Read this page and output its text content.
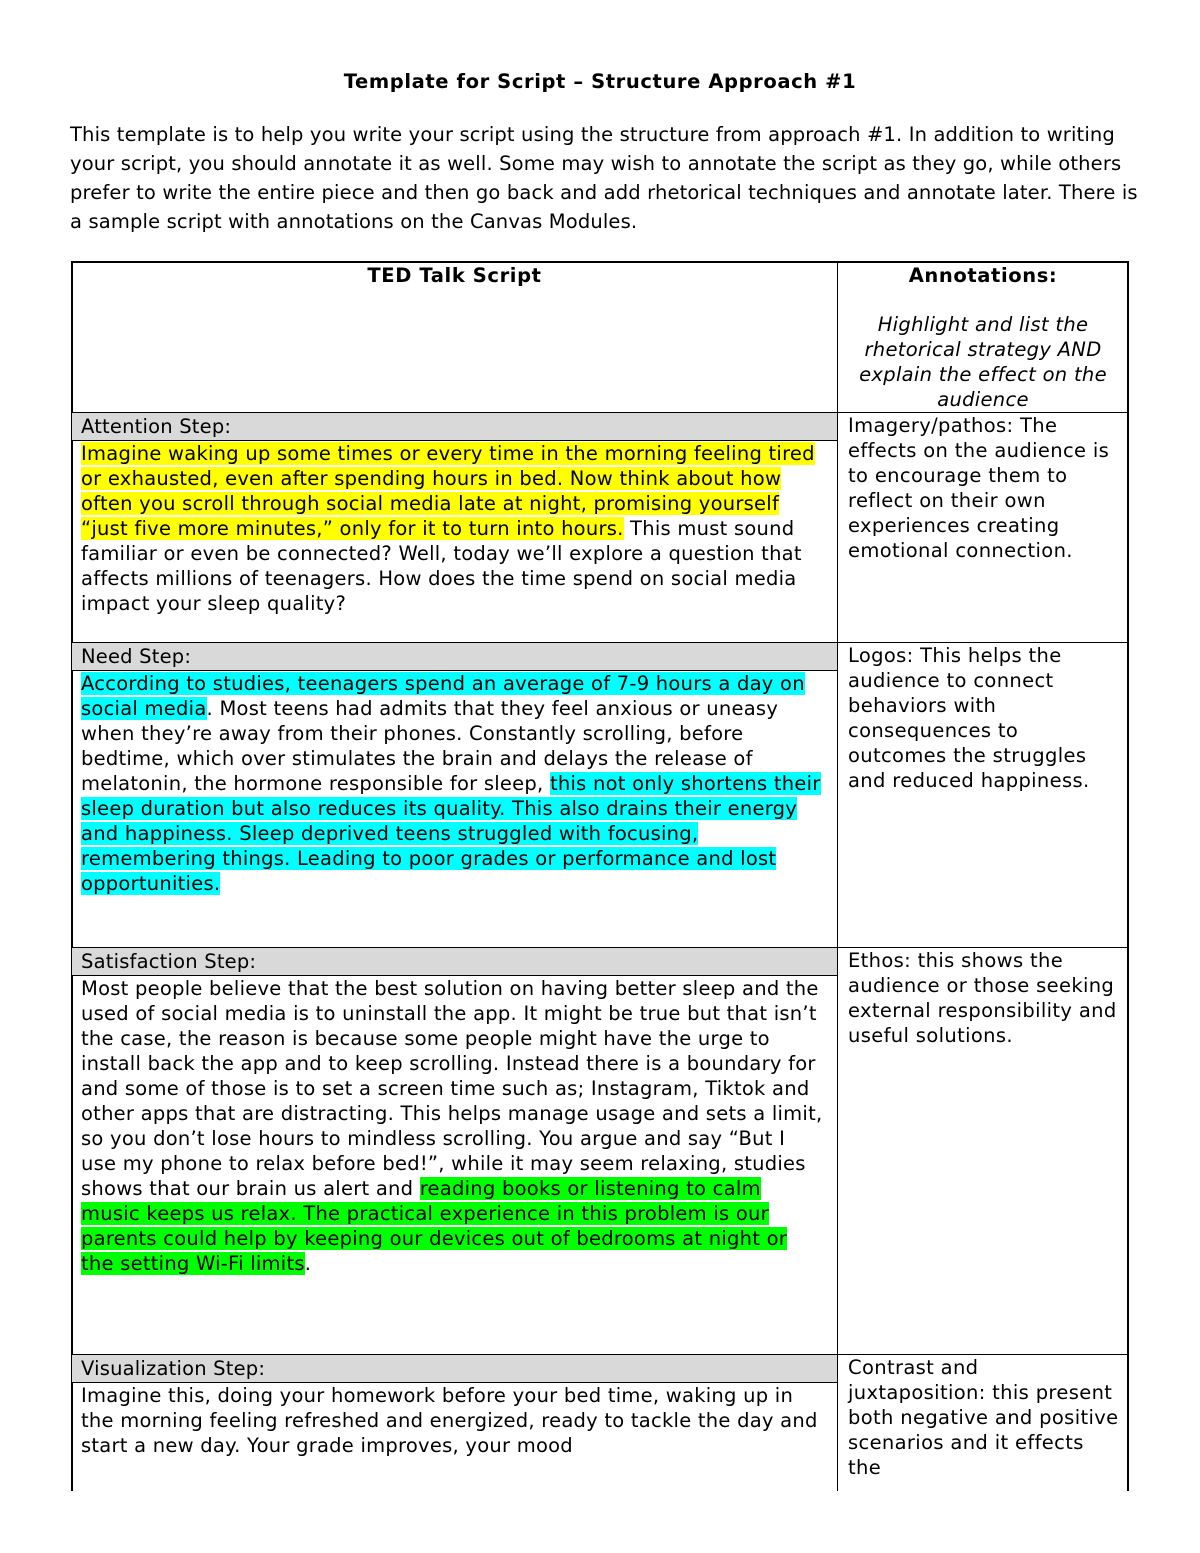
Template for Script – Structure Approach #1
This template is to help you write your script using the structure from approach #1. In addition to writing your script, you should annotate it as well. Some may wish to annotate the script as they go, while others prefer to write the entire piece and then go back and add rhetorical techniques and annotate later. There is a sample script with annotations on the Canvas Modules.
TED Talk Script	Annotations:
Highlight and list the rhetorical strategy AND explain the effect on the audience
Attention Step:
Imagine waking up some times or every time in the morning feeling tired or exhausted, even after spending hours in bed. Now think about how often you scroll through social media late at night, promising yourself “just five more minutes,” only for it to turn into hours. This must sound familiar or even be connected? Well, today we’ll explore a question that affects millions of teenagers. How does the time spend on social media impact your sleep quality?
Imagery/pathos: The effects on the audience is to encourage them to reflect on their own experiences creating emotional connection.
Need Step:
According to studies, teenagers spend an average of 7-9 hours a day on social media. Most teens had admits that they feel anxious or uneasy when they’re away from their phones. Constantly scrolling, before bedtime, which over stimulates the brain and delays the release of melatonin, the hormone responsible for sleep, this not only shortens their sleep duration but also reduces its quality. This also drains their energy and happiness. Sleep deprived teens struggled with focusing, remembering things. Leading to poor grades or performance and lost opportunities.
Logos: This helps the audience to connect behaviors with consequences to outcomes the struggles and reduced happiness.
Satisfaction Step:
Most people believe that the best solution on having better sleep and the used of social media is to uninstall the app. It might be true but that isn’t the case, the reason is because some people might have the urge to install back the app and to keep scrolling. Instead there is a boundary for and some of those is to set a screen time such as; Instagram, Tiktok and other apps that are distracting. This helps manage usage and sets a limit, so you don’t lose hours to mindless scrolling. You argue and say “But I use my phone to relax before bed!”, while it may seem relaxing, studies shows that our brain us alert and reading books or listening to calm music keeps us relax. The practical experience in this problem is our parents could help by keeping our devices out of bedrooms at night or the setting Wi-Fi limits.
Ethos: this shows the audience or those seeking external responsibility and useful solutions.
Visualization Step:
Imagine this, doing your homework before your bed time, waking up in the morning feeling refreshed and energized, ready to tackle the day and start a new day. Your grade improves, your mood
Contrast and juxtaposition: this present both negative and positive scenarios and it effects the
